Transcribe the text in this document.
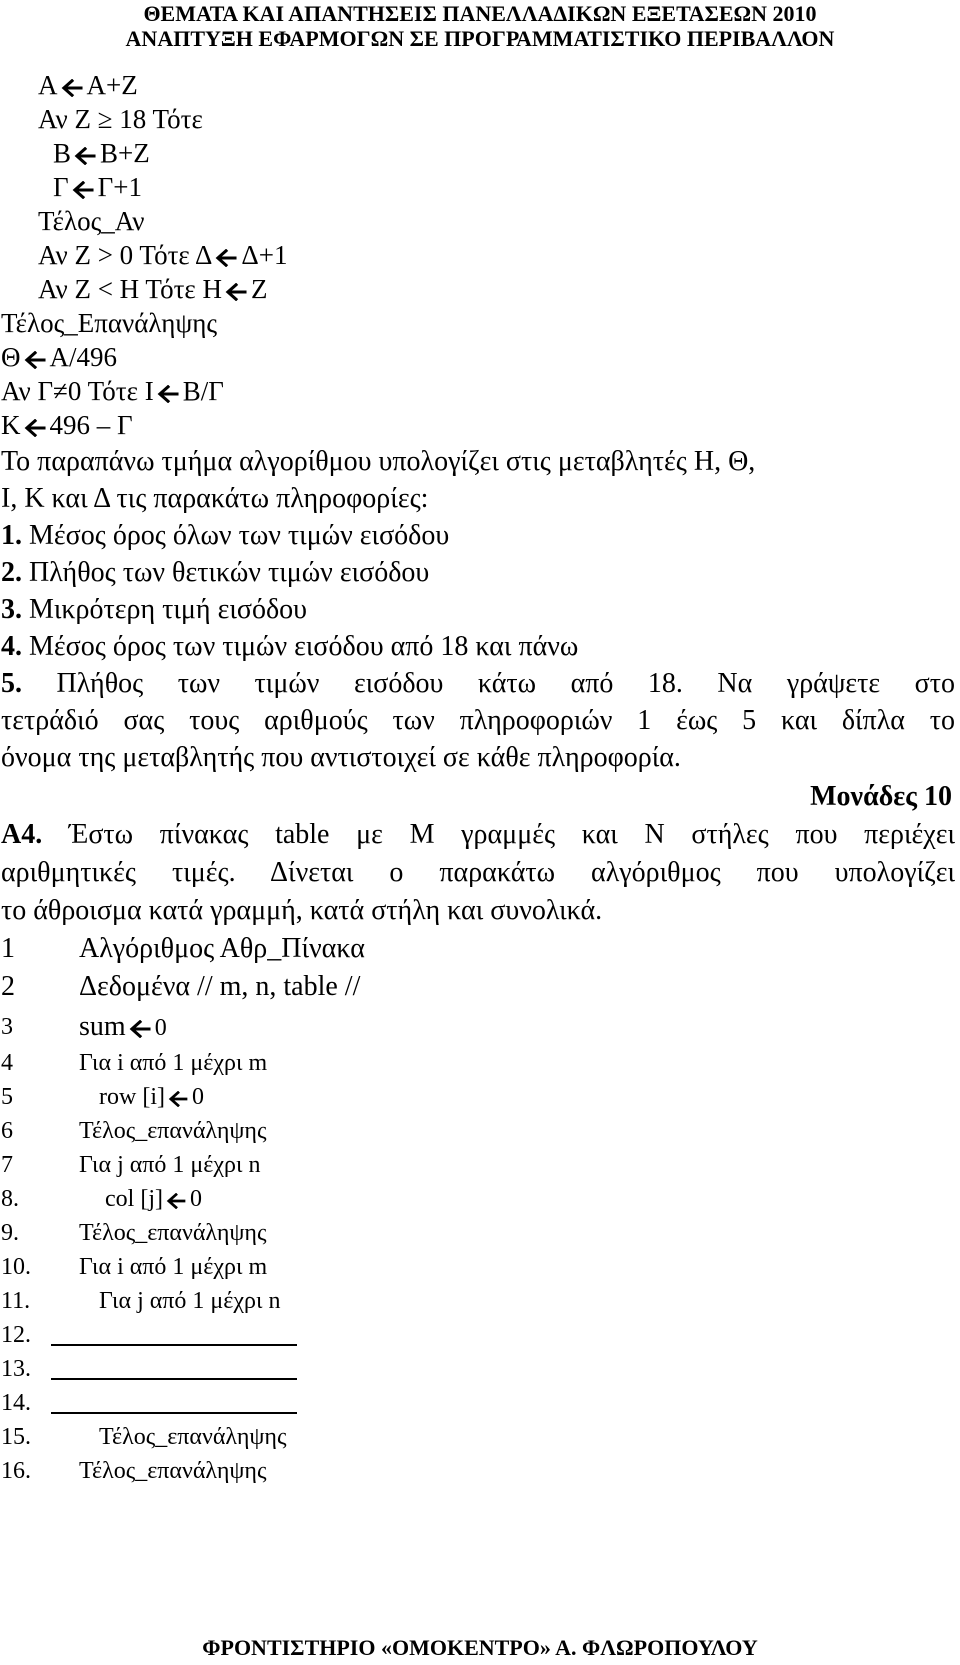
ΘΕΜΑΤΑ ΚΑΙ ΑΠΑΝΤΗΣΕΙΣ ΠΑΝΕΛΛΑΔΙΚΩΝ ΕΞΕΤΑΣΕΩΝ 2010
ΑΝΑΠΤΥΞΗ ΕΦΑΡΜΟΓΩΝ ΣΕ ΠΡΟΓΡΑΜΜΑΤΙΣΤΙΚΟ ΠΕΡΙΒΑΛΛΟΝ
Α Α+Ζ
Αν Ζ ≥ 18 Τότε
Β Β+Ζ
Γ Γ+1
Τέλος_Αν
Αν Ζ > 0 Τότε Δ Δ+1
Αν Ζ < Η Τότε Η Ζ
Τέλος_Επανάληψης
Θ Α/496
Αν Γ≠0 Τότε Ι Β/Γ
Κ 496 – Γ
Το παραπάνω τμήμα αλγορίθμου υπολογίζει στις μεταβλητές Η, Θ,
Ι, Κ και Δ τις παρακάτω πληροφορίες:
1. Μέσος όρος όλων των τιμών εισόδου
2. Πλήθος των θετικών τιμών εισόδου
3. Μικρότερη τιμή εισόδου
4. Μέσος όρος των τιμών εισόδου από 18 και πάνω
5. Πλήθος των τιμών εισόδου κάτω από 18. Να γράψετε στο
τετράδιό σας τους αριθμούς των πληροφοριών 1 έως 5 και δίπλα το
όνομα της μεταβλητής που αντιστοιχεί σε κάθε πληροφορία.
Μονάδες 10
Α4. Έστω πίνακας table με Μ γραμμές και Ν στήλες που περιέχει
αριθμητικές τιμές. Δίνεται ο παρακάτω αλγόριθμος που υπολογίζει
το άθροισμα κατά γραμμή, κατά στήλη και συνολικά.
1 Αλγόριθμος Αθρ_Πίνακα
2 Δεδομένα // m, n, table //
3 sum 0
4	Για i από 1 μέχρι m
5	row [i] 0
6	Τέλος_επανάληψης
7	Για j από 1 μέχρι n
8.	col [j] 0
9.	Τέλος_επανάληψης
10. Για i από 1 μέχρι m
11.	Για j από 1 μέχρι n
12.
13.
14.
15.	Τέλος_επανάληψης
16. Τέλος_επανάληψης
ΦΡΟΝΤΙΣΤΗΡΙΟ «ΟΜΟΚΕΝΤΡΟ» Α. ΦΛΩΡΟΠΟΥΛΟΥ
